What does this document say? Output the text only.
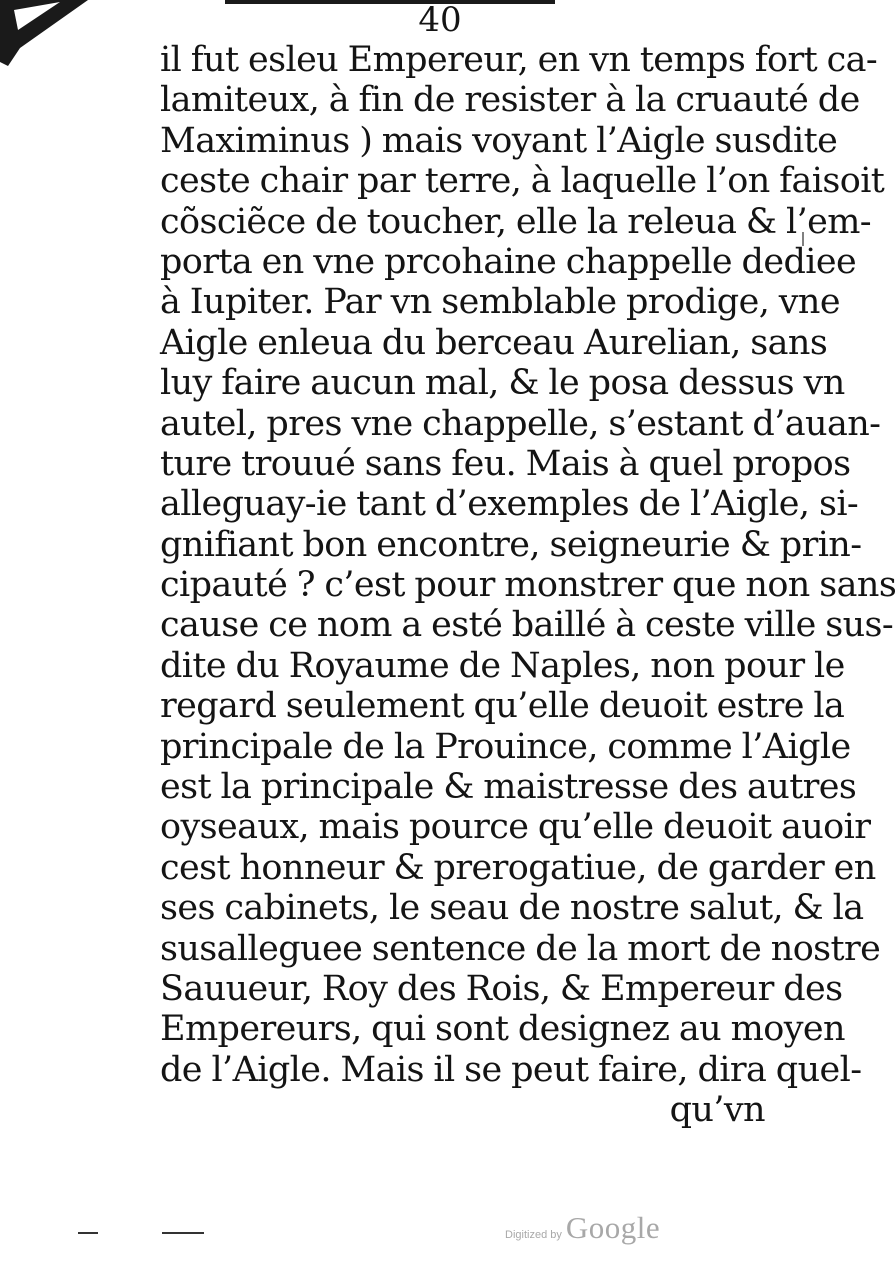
40
il fut esleu Empereur, en vn temps fort ca-
lamiteux, à fin de resister à la cruauté de
Maximinus ) mais voyant l’Aigle susdite
ceste chair par terre, à laquelle l’on faisoit
cõsciẽce de toucher, elle la releua & l’em-
porta en vne prcohaine chappelle dediee
à Iupiter. Par vn semblable prodige, vne
Aigle enleua du berceau Aurelian, sans
luy faire aucun mal, & le posa dessus vn
autel, pres vne chappelle, s’estant d’auan-
ture trouué sans feu. Mais à quel propos
alleguay-ie tant d’exemples de l’Aigle, si-
gnifiant bon encontre, seigneurie & prin-
cipauté ? c’est pour monstrer que non sans
cause ce nom a esté baillé à ceste ville sus-
dite du Royaume de Naples, non pour le
regard seulement qu’elle deuoit estre la
principale de la Prouince, comme l’Aigle
est la principale & maistresse des autres
oyseaux, mais pource qu’elle deuoit auoir
cest honneur & prerogatiue, de garder en
ses cabinets, le seau de nostre salut, & la
susalleguee sentence de la mort de nostre
Sauueur, Roy des Rois, & Empereur des
Empereurs, qui sont designez au moyen
de l’Aigle. Mais il se peut faire, dira quel-
qu’vn
Digitized by Google
